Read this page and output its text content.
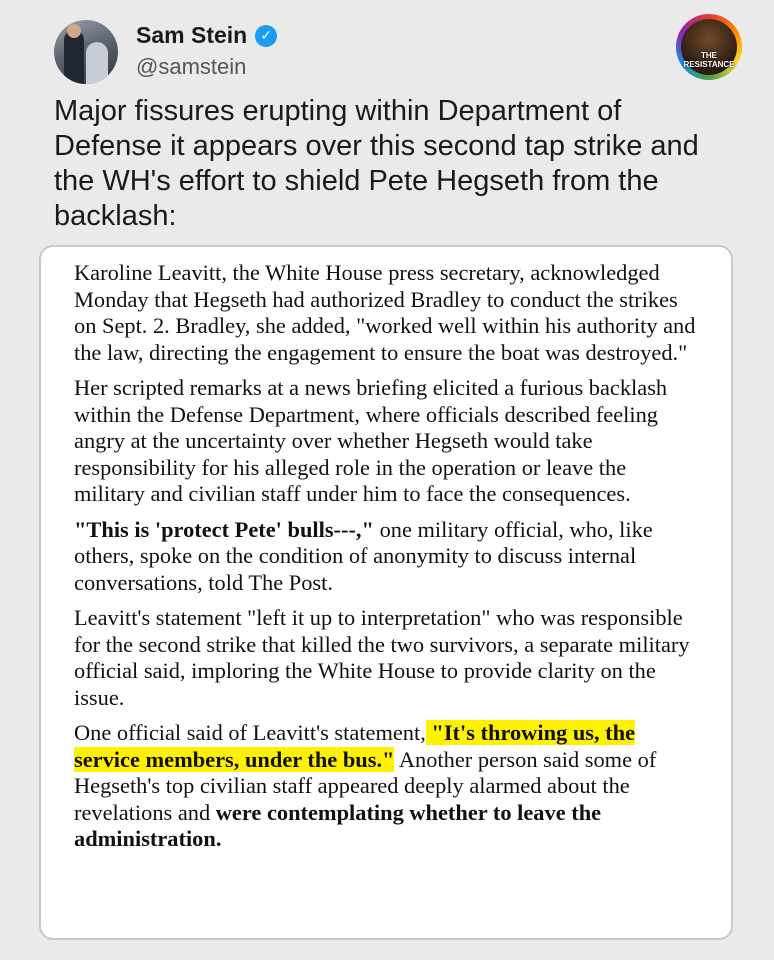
Sam Stein ✓
@samstein	THE
RESISTANCE
Major fissures erupting within Department of Defense it appears over this second tap strike and the WH's effort to shield Pete Hegseth from the backlash:

Karoline Leavitt, the White House press secretary, acknowledged Monday that Hegseth had authorized Bradley to conduct the strikes on Sept. 2. Bradley, she added, "worked well within his authority and the law, directing the engagement to ensure the boat was destroyed."

Her scripted remarks at a news briefing elicited a furious backlash within the Defense Department, where officials described feeling angry at the uncertainty over whether Hegseth would take responsibility for his alleged role in the operation or leave the military and civilian staff under him to face the consequences.

"This is 'protect Pete' bulls---," one military official, who, like others, spoke on the condition of anonymity to discuss internal conversations, told The Post.

Leavitt's statement "left it up to interpretation" who was responsible for the second strike that killed the two survivors, a separate military official said, imploring the White House to provide clarity on the issue.

One official said of Leavitt's statement, "It's throwing us, the service members, under the bus." Another person said some of Hegseth's top civilian staff appeared deeply alarmed about the revelations and were contemplating whether to leave the administration.
